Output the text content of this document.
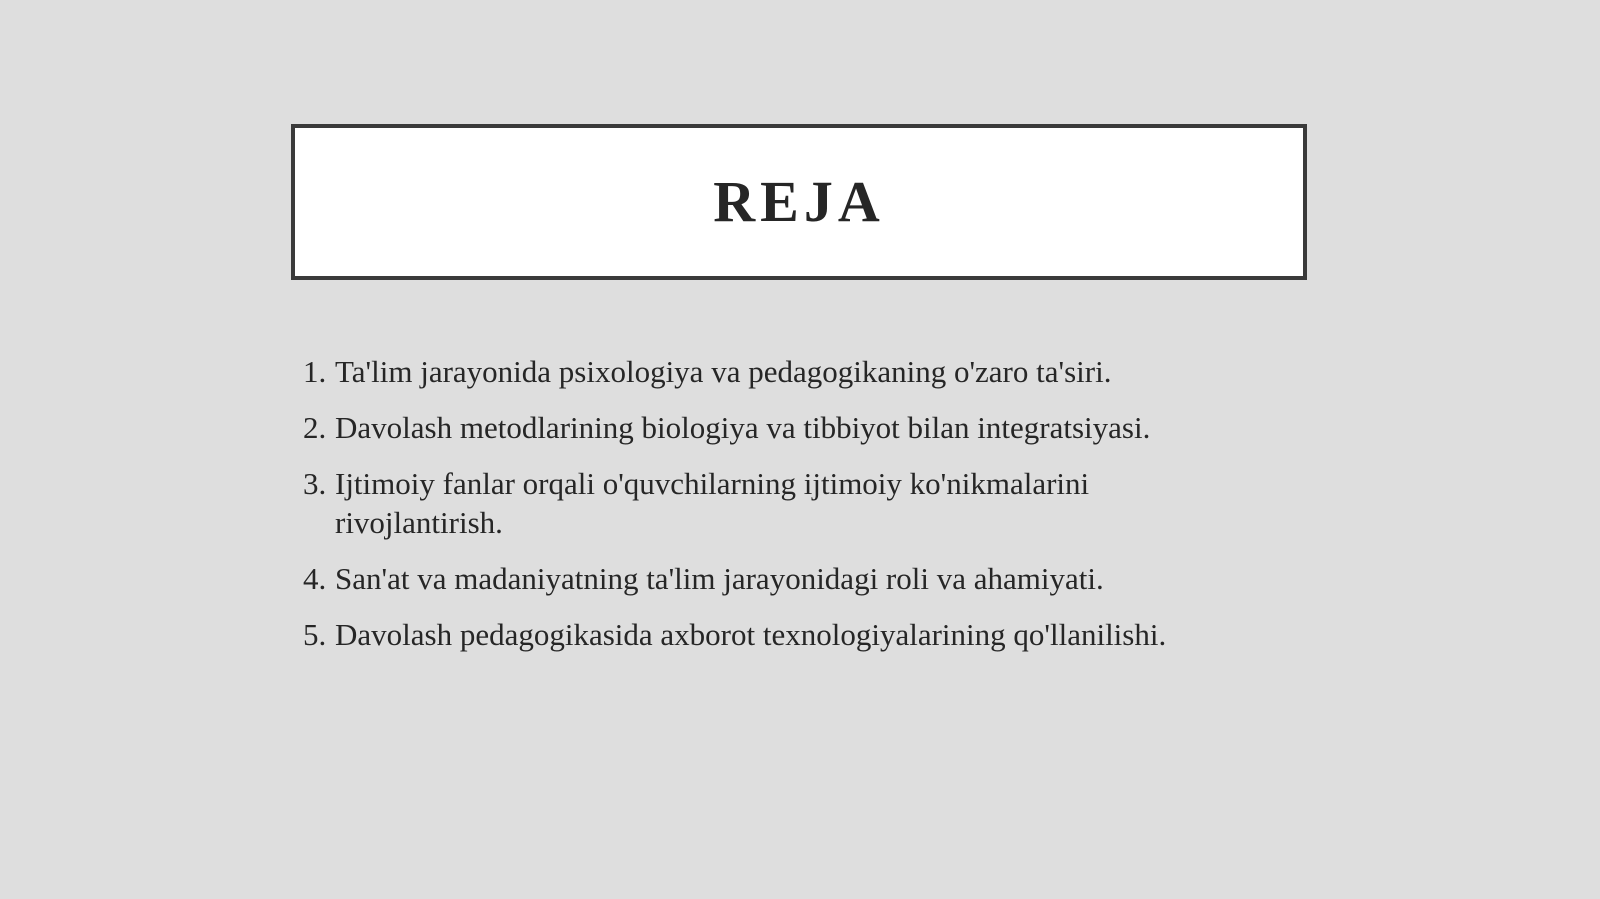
REJA
1. Ta'lim jarayonida psixologiya va pedagogikaning o'zaro ta'siri.
2. Davolash metodlarining biologiya va tibbiyot bilan integratsiyasi.
3. Ijtimoiy fanlar orqali o'quvchilarning ijtimoiy ko'nikmalarini rivojlantirish.
4. San'at va madaniyatning ta'lim jarayonidagi roli va ahamiyati.
5. Davolash pedagogikasida axborot texnologiyalarining qo'llanilishi.
